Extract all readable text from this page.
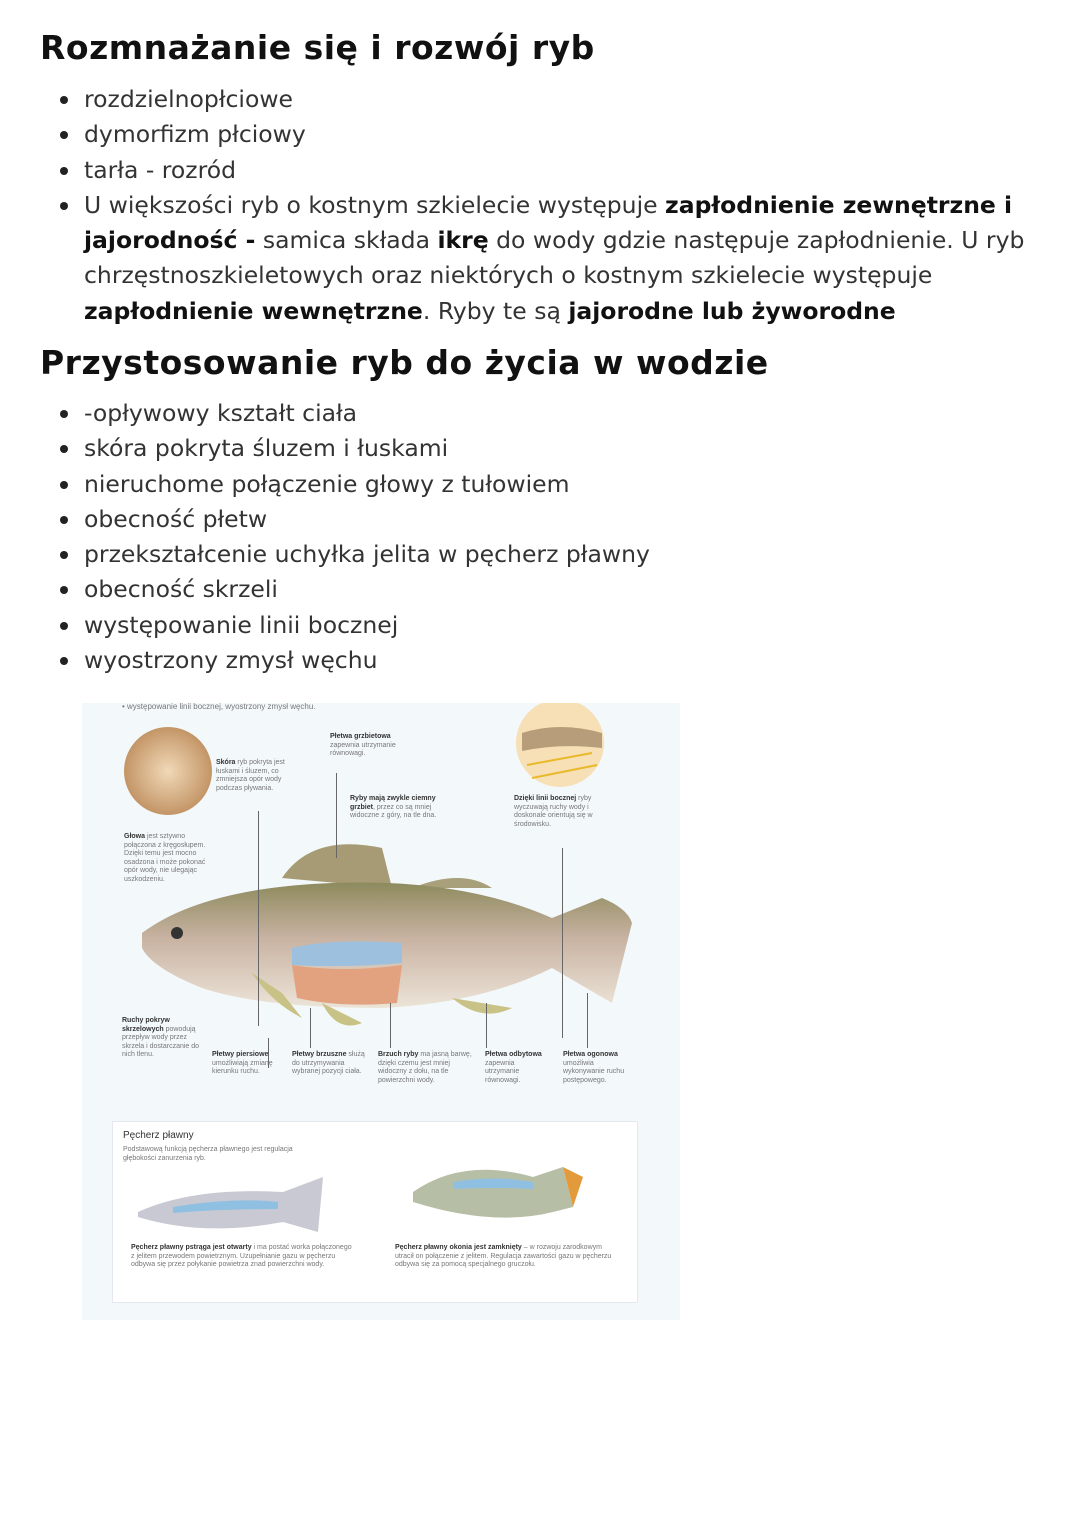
Rozmnażanie się i rozwój ryb
rozdzielnopłciowe
dymorfizm płciowy
tarła - rozród
U większości ryb o kostnym szkielecie występuje zapłodnienie zewnętrzne i jajorodność - samica składa ikrę do wody gdzie następuje zapłodnienie. U ryb chrzęstnoszkieletowych oraz niektórych o kostnym szkielecie występuje zapłodnienie wewnętrzne. Ryby te są jajorodne lub żyworodne
Przystosowanie ryb do życia w wodzie
-opływowy kształt ciała
skóra pokryta śluzem i łuskami
nieruchome połączenie głowy z tułowiem
obecność płetw
przekształcenie uchyłka jelita w pęcherz pławny
obecność skrzeli
występowanie linii bocznej
wyostrzony zmysł węchu
• występowanie linii bocznej, wyostrzony zmysł węchu.
Skóra ryb pokryta jest łuskami i śluzem, co zmniejsza opór wody podczas pływania.
Płetwa grzbietowa zapewnia utrzymanie równowagi.
Ryby mają zwykle ciemny grzbiet, przez co są mniej widoczne z góry, na tle dna.
Dzięki linii bocznej ryby wyczuwają ruchy wody i doskonale orientują się w środowisku.
Głowa jest sztywno połączona z kręgosłupem. Dzięki temu jest mocno osadzona i może pokonać opór wody, nie ulegając uszkodzeniu.
Ruchy pokryw skrzelowych powodują przepływ wody przez skrzela i dostarczanie do nich tlenu.	Płetwy piersiowe umożliwiają zmianę kierunku ruchu.
Płetwy brzuszne służą do utrzymywania wybranej pozycji ciała.
Brzuch ryby ma jasną barwę, dzięki czemu jest mniej widoczny z dołu, na tle powierzchni wody.
Płetwa odbytowa zapewnia utrzymanie równowagi.
Płetwa ogonowa umożliwia wykonywanie ruchu postępowego.
Pęcherz pławny
Podstawową funkcją pęcherza pławnego jest regulacja głębokości zanurzenia ryb.
Pęcherz pławny pstrąga jest otwarty i ma postać worka połączonego z jelitem przewodem powietrznym. Uzupełnianie gazu w pęcherzu odbywa się przez połykanie powietrza znad powierzchni wody.
Pęcherz pławny okonia jest zamknięty – w rozwoju zarodkowym utracił on połączenie z jelitem. Regulacja zawartości gazu w pęcherzu odbywa się za pomocą specjalnego gruczołu.
